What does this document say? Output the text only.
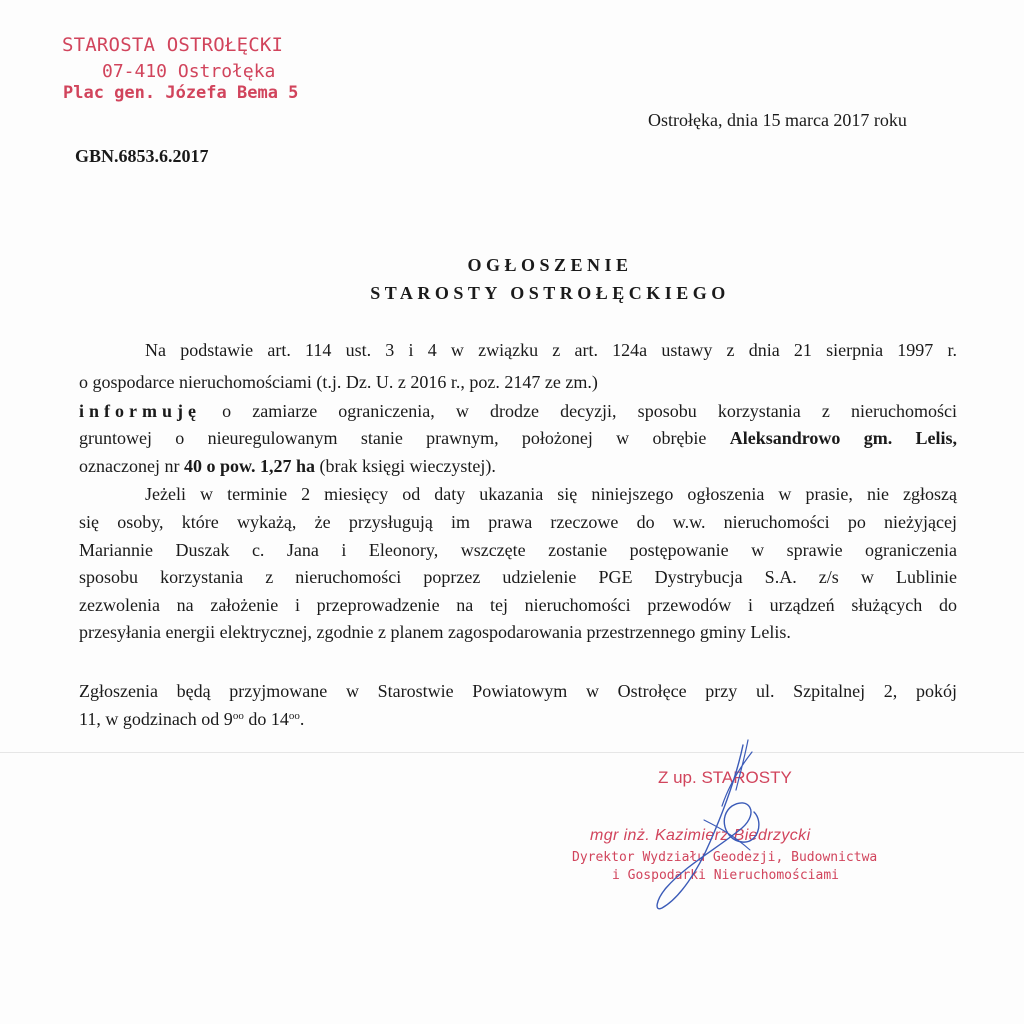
STAROSTA OSTROŁĘCKI
07-410 Ostrołęka
Plac gen. Józefa Bema 5
Ostrołęka, dnia 15 marca 2017 roku
GBN.6853.6.2017
OGŁOSZENIE
STAROSTY OSTROŁĘCKIEGO
Na podstawie art. 114 ust. 3 i 4 w związku z art. 124a ustawy z dnia 21 sierpnia 1997 r.
o gospodarce nieruchomościami (t.j. Dz. U. z 2016 r., poz. 2147 ze zm.)
informuję o zamiarze ograniczenia, w drodze decyzji, sposobu korzystania z nieruchomości
gruntowej o nieuregulowanym stanie prawnym, położonej w obrębie Aleksandrowo gm. Lelis,
oznaczonej nr 40 o pow. 1,27 ha (brak księgi wieczystej).
Jeżeli w terminie 2 miesięcy od daty ukazania się niniejszego ogłoszenia w prasie, nie zgłoszą
się osoby, które wykażą, że przysługują im prawa rzeczowe do w.w. nieruchomości po nieżyjącej
Mariannie Duszak c. Jana i Eleonory, wszczęte zostanie postępowanie w sprawie ograniczenia
sposobu korzystania z nieruchomości poprzez udzielenie PGE Dystrybucja S.A. z/s w Lublinie
zezwolenia na założenie i przeprowadzenie na tej nieruchomości przewodów i urządzeń służących do
przesyłania energii elektrycznej, zgodnie z planem zagospodarowania przestrzennego gminy Lelis.
Zgłoszenia będą przyjmowane w Starostwie Powiatowym w Ostrołęce przy ul. Szpitalnej 2, pokój
11, w godzinach od $9^{oo}$ do $14^{oo}$.
Z up. STAROSTY
mgr inż. Kazimierz Biedrzycki
Dyrektor Wydziału Geodezji, Budownictwa
i Gospodarki Nieruchomościami
